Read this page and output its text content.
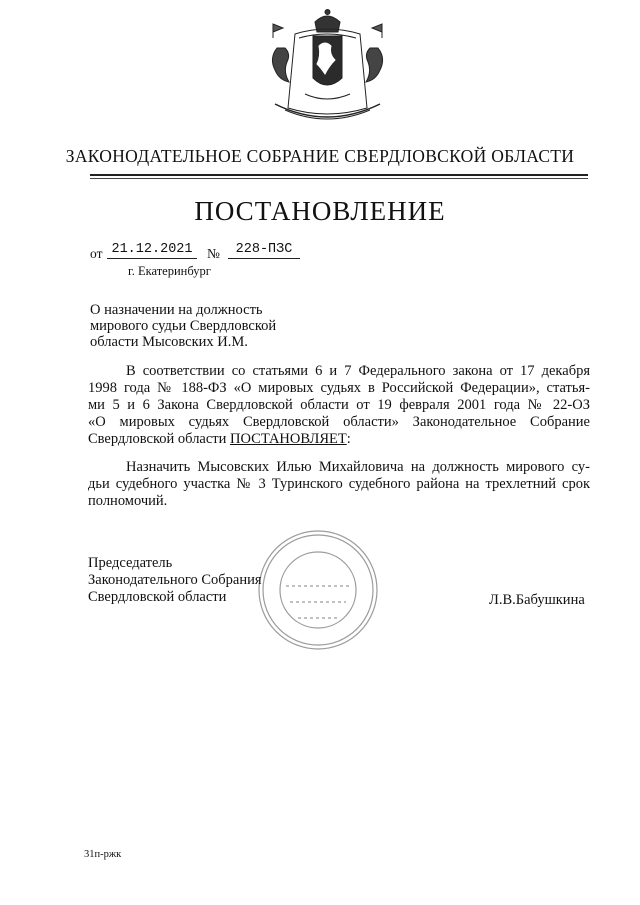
ЗАКОНОДАТЕЛЬНОЕ СОБРАНИЕ СВЕРДЛОВСКОЙ ОБЛАСТИ
ПОСТАНОВЛЕНИЕ
от 21.12.2021	№	228-ПЗС
г. Екатеринбург
О назначении на должность
мирового судьи Свердловской
области Мысовских И.М.
В соответствии со статьями 6 и 7 Федерального закона от 17 декабря
1998 года № 188-ФЗ «О мировых судьях в Российской Федерации», статья-
ми 5 и 6 Закона Свердловской области от 19 февраля 2001 года № 22-ОЗ
«О мировых судьях Свердловской области» Законодательное Собрание
Свердловской области ПОСТАНОВЛЯЕТ:
Назначить Мысовских Илью Михайловича на должность мирового су-
дьи судебного участка № 3 Туринского судебного района на трехлетний срок
полномочий.
Председатель
Законодательного Собрания
Свердловской области	Л.В.Бабушкина
31п-ржк
